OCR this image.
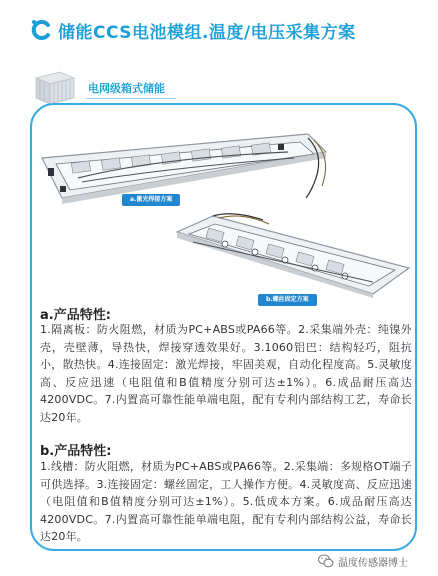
储能CCS电池模组.温度/电压采集方案
电网级箱式储能
a.激光焊接方案
b.螺丝固定方案
a.产品特性:
1.隔离板：防火阻燃，材质为PC+ABS或PA66等。2.采集端外壳：纯镍外壳，壳壁薄，导热快，焊接穿透效果好。3.1060铝巴：结构轻巧，阻抗小，散热快。4.连接固定：激光焊接，牢固美观，自动化程度高。5.灵敏度高、反应迅速（电阻值和B值精度分别可达±1%）。6.成品耐压高达4200VDC。7.内置高可靠性能单端电阻，配有专利内部结构工艺，寿命长达20年。
b.产品特性:
1.线槽：防火阻燃，材质为PC+ABS或PA66等。2.采集端：多规格OT端子可供选择。3.连接固定：螺丝固定，工人操作方便。4.灵敏度高、反应迅速（电阻值和B值精度分别可达±1%）。5.低成本方案。6.成品耐压高达4200VDC。7.内置高可靠性能单端电阻，配有专利内部结构公益，寿命长达20年。
温度传感器博士
